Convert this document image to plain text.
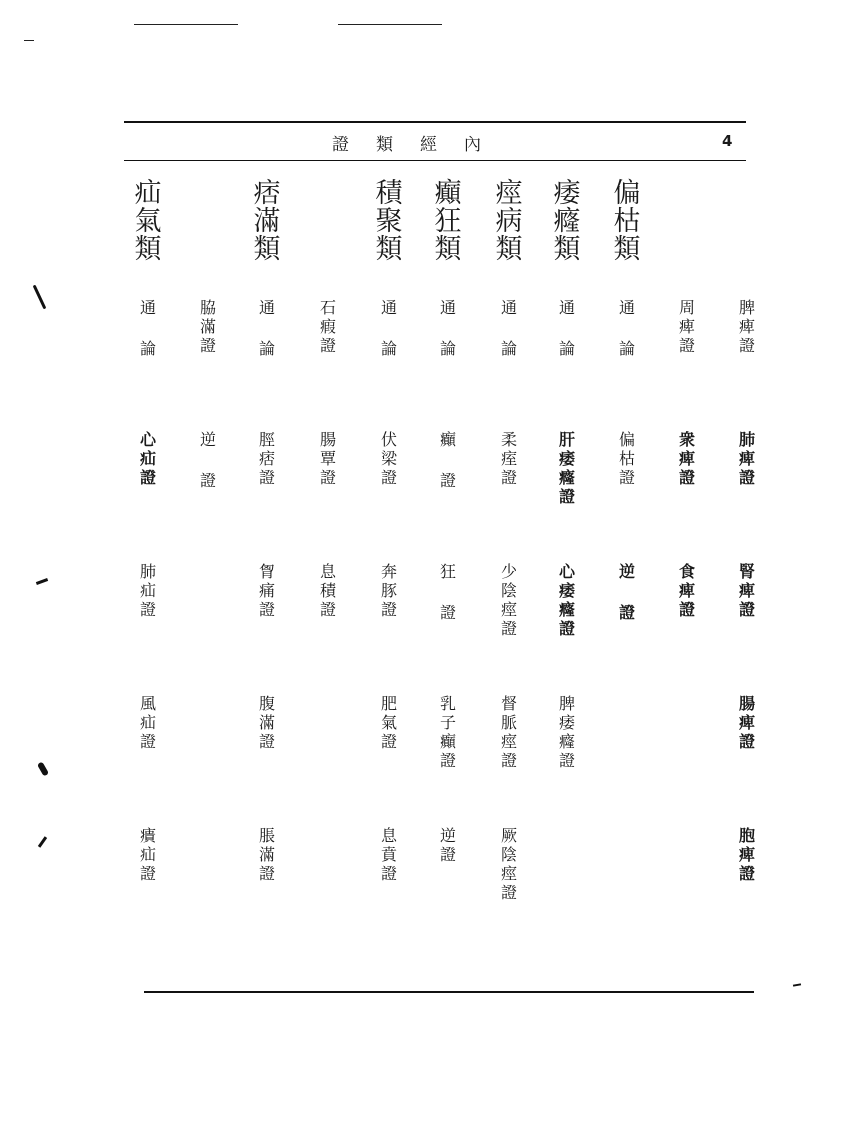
證類經內	4
疝
氣
類
痞
滿
類
積
聚
類
癲
狂
類
痙
病
類
痿
癃
類
偏
枯
類
通
論
心
疝
證
肺
疝
證
風
疝
證
㿉
疝
證
脇
滿
證
逆
證
通
論
脛
痞
證
胷
痛
證
腹
滿
證
脹
滿
證
石
瘕
證
腸
覃
證
息
積
證
通
論
伏
梁
證
奔
豚
證
肥
氣
證
息
賁
證
通
論
癲
證
狂
證
乳
子
癲
證
逆
證
通
論
柔
痓
證
少
陰
痙
證
督
脈
痙
證
厥
陰
痙
證
通
論
肝
痿
癃
證
心
痿
癃
證
脾
痿
癃
證
通
論
偏
枯
證
逆
證
周
痺
證
衆
痺
證
食
痺
證
脾
痺
證
肺
痺
證
腎
痺
證
腸
痺
證
胞
痺
證
